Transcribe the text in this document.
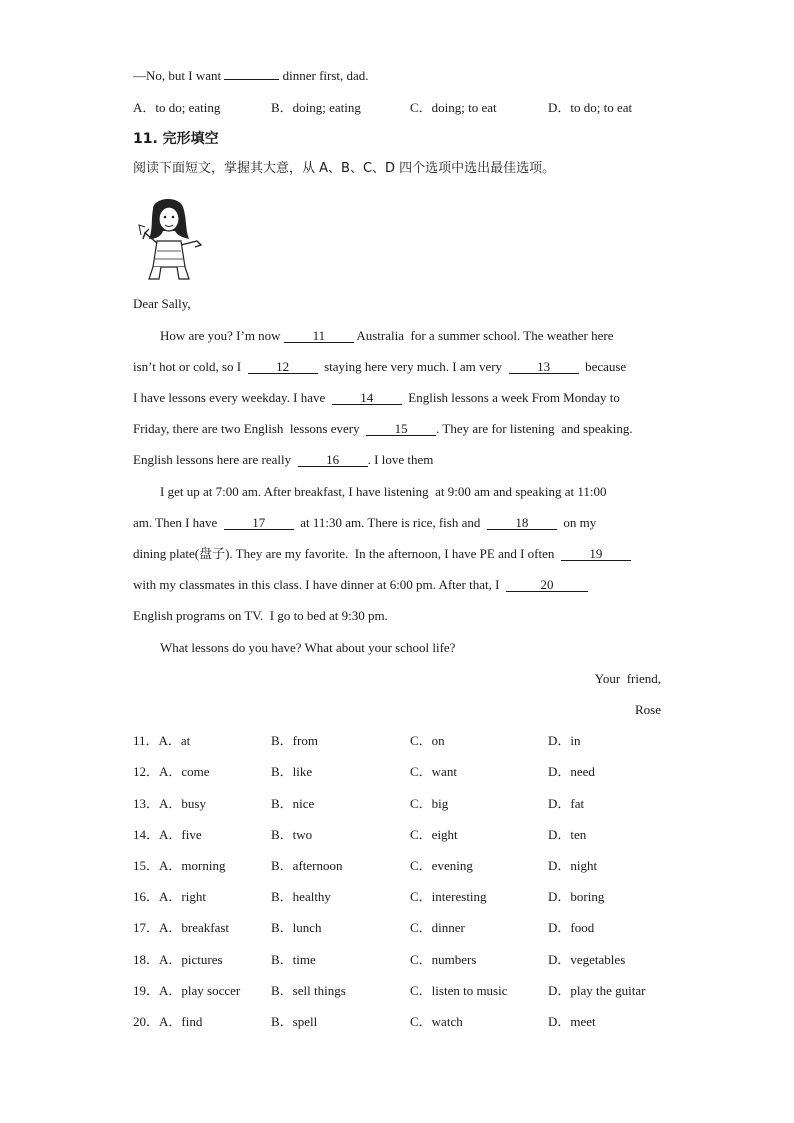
—No, but I want	dinner first, dad.
A．to do; eating	B．doing; eating	C．doing; to eat	D．to do; to eat
11. 完形填空
阅读下面短文，掌握其大意，从 A、B、C、D 四个选项中选出最佳选项。
Dear Sally,
How are you? I’m now 11 Australia  for a summer school. The weather here
isn’t hot or cold, so I  12  staying here very much. I am very  13  because
I have lessons every weekday. I have  14  English lessons a week From Monday to
Friday, there are two English  lessons every  15 . They are for listening  and speaking.
English lessons here are really  16 . I love them
I get up at 7:00 am. After breakfast, I have listening  at 9:00 am and speaking at 11:00
am. Then I have  17  at 11:30 am. There is rice, fish and  18  on my
dining plate(盘子). They are my favorite.  In the afternoon, I have PE and I often  19
with my classmates in this class. I have dinner at 6:00 pm. After that, I	20
English programs on TV.  I go to bed at 9:30 pm.
What lessons do you have? What about your school life?
Your  friend,
Rose
11．A．at	B．from	C．on	D．in
12．A．come	B．like	C．want	D．need
13．A．busy	B．nice	C．big	D．fat
14．A．five	B．two	C．eight	D．ten
15．A．morning	B．afternoon	C．evening	D．night
16．A．right	B．healthy	C．interesting	D．boring
17．A．breakfast	B．lunch	C．dinner	D．food
18．A．pictures	B．time	C．numbers	D．vegetables
19．A．play soccer B．sell things	C．listen to music	D．play the guitar
20．A．find	B．spell	C．watch	D．meet
